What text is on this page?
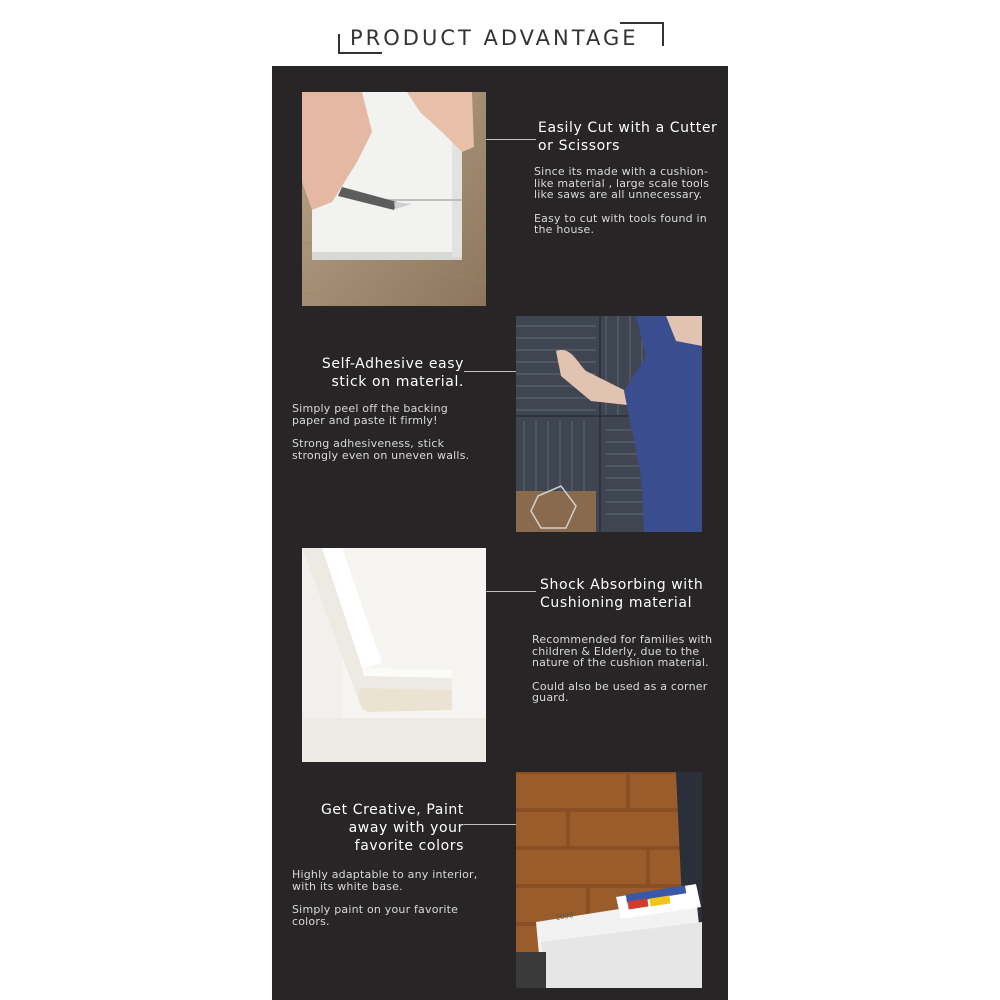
PRODUCT ADVANTAGE
Easily Cut with a Cutter or Scissors

Since its made with a cushion-like material , large scale tools like saws are all unnecessary.

Easy to cut with tools found in the house.

Self-Adhesive easy stick on material.

Simply peel off the backing paper and paste it firmly!

Strong adhesiveness, stick strongly even on uneven walls.

Shock Absorbing with Cushioning material

Recommended for families with children & Elderly, due to the nature of the cushion material.

Could also be used as a corner guard.

Get Creative, Paint away with your favorite colors

Highly adaptable to any interior, with its white base.

Simply paint on your favorite colors.	1000
